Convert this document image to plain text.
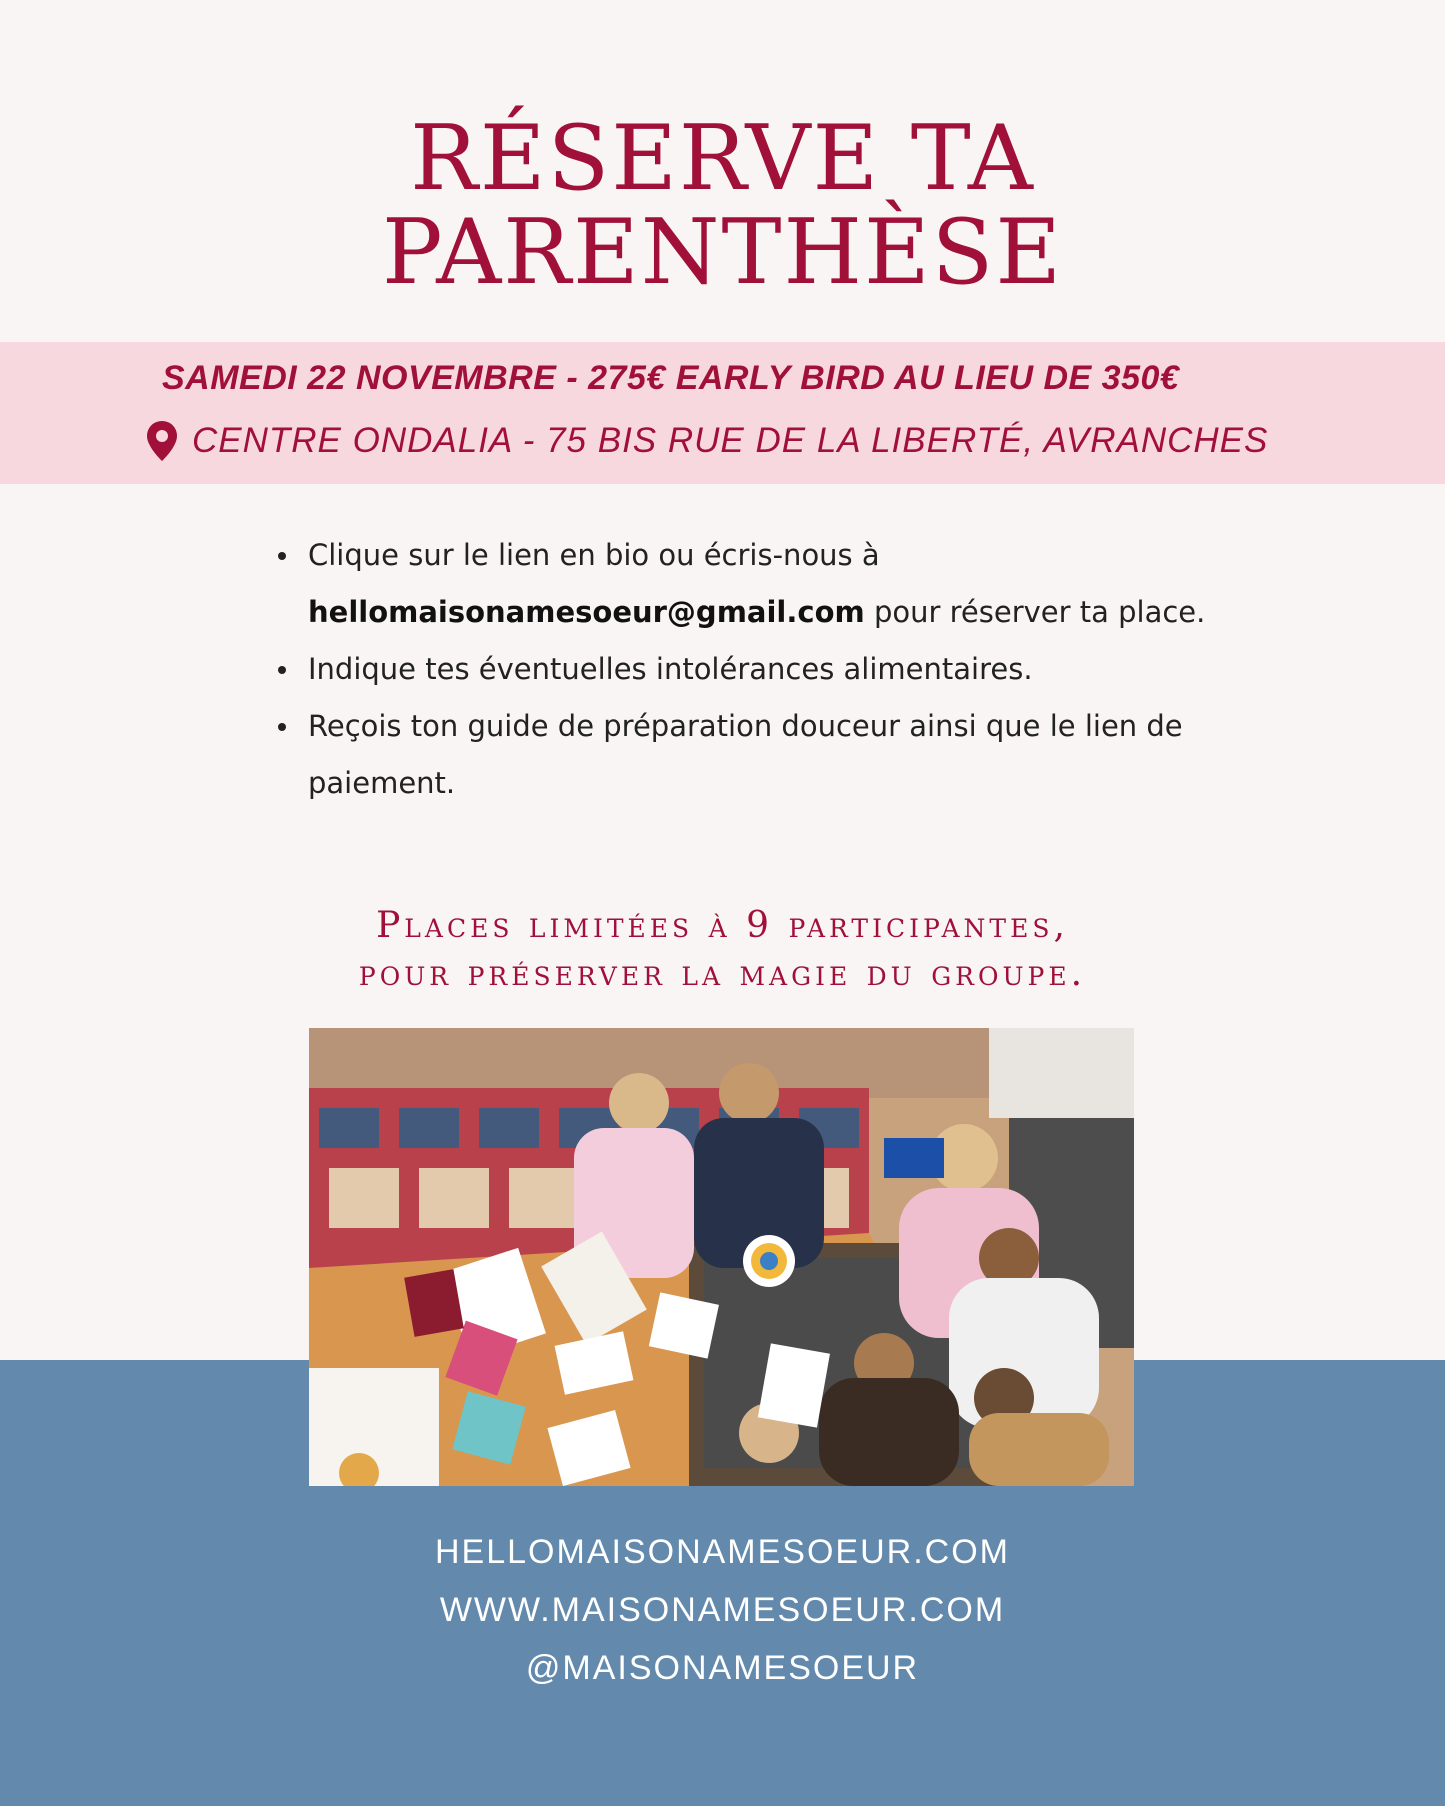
RÉSERVE TA
PARENTHÈSE
SAMEDI 22 NOVEMBRE - 275€ EARLY BIRD AU LIEU DE 350€
CENTRE ONDALIA - 75 BIS RUE DE LA LIBERTÉ, AVRANCHES
Clique sur le lien en bio ou écris-nous à
hellomaisonamesoeur@gmail.com pour réserver ta place.
Indique tes éventuelles intolérances alimentaires.
Reçois ton guide de préparation douceur ainsi que le lien de paiement.
Places limitées à 9 participantes,
pour préserver la magie du groupe.
HELLOMAISONAMESOEUR.COM
WWW.MAISONAMESOEUR.COM
@MAISONAMESOEUR
